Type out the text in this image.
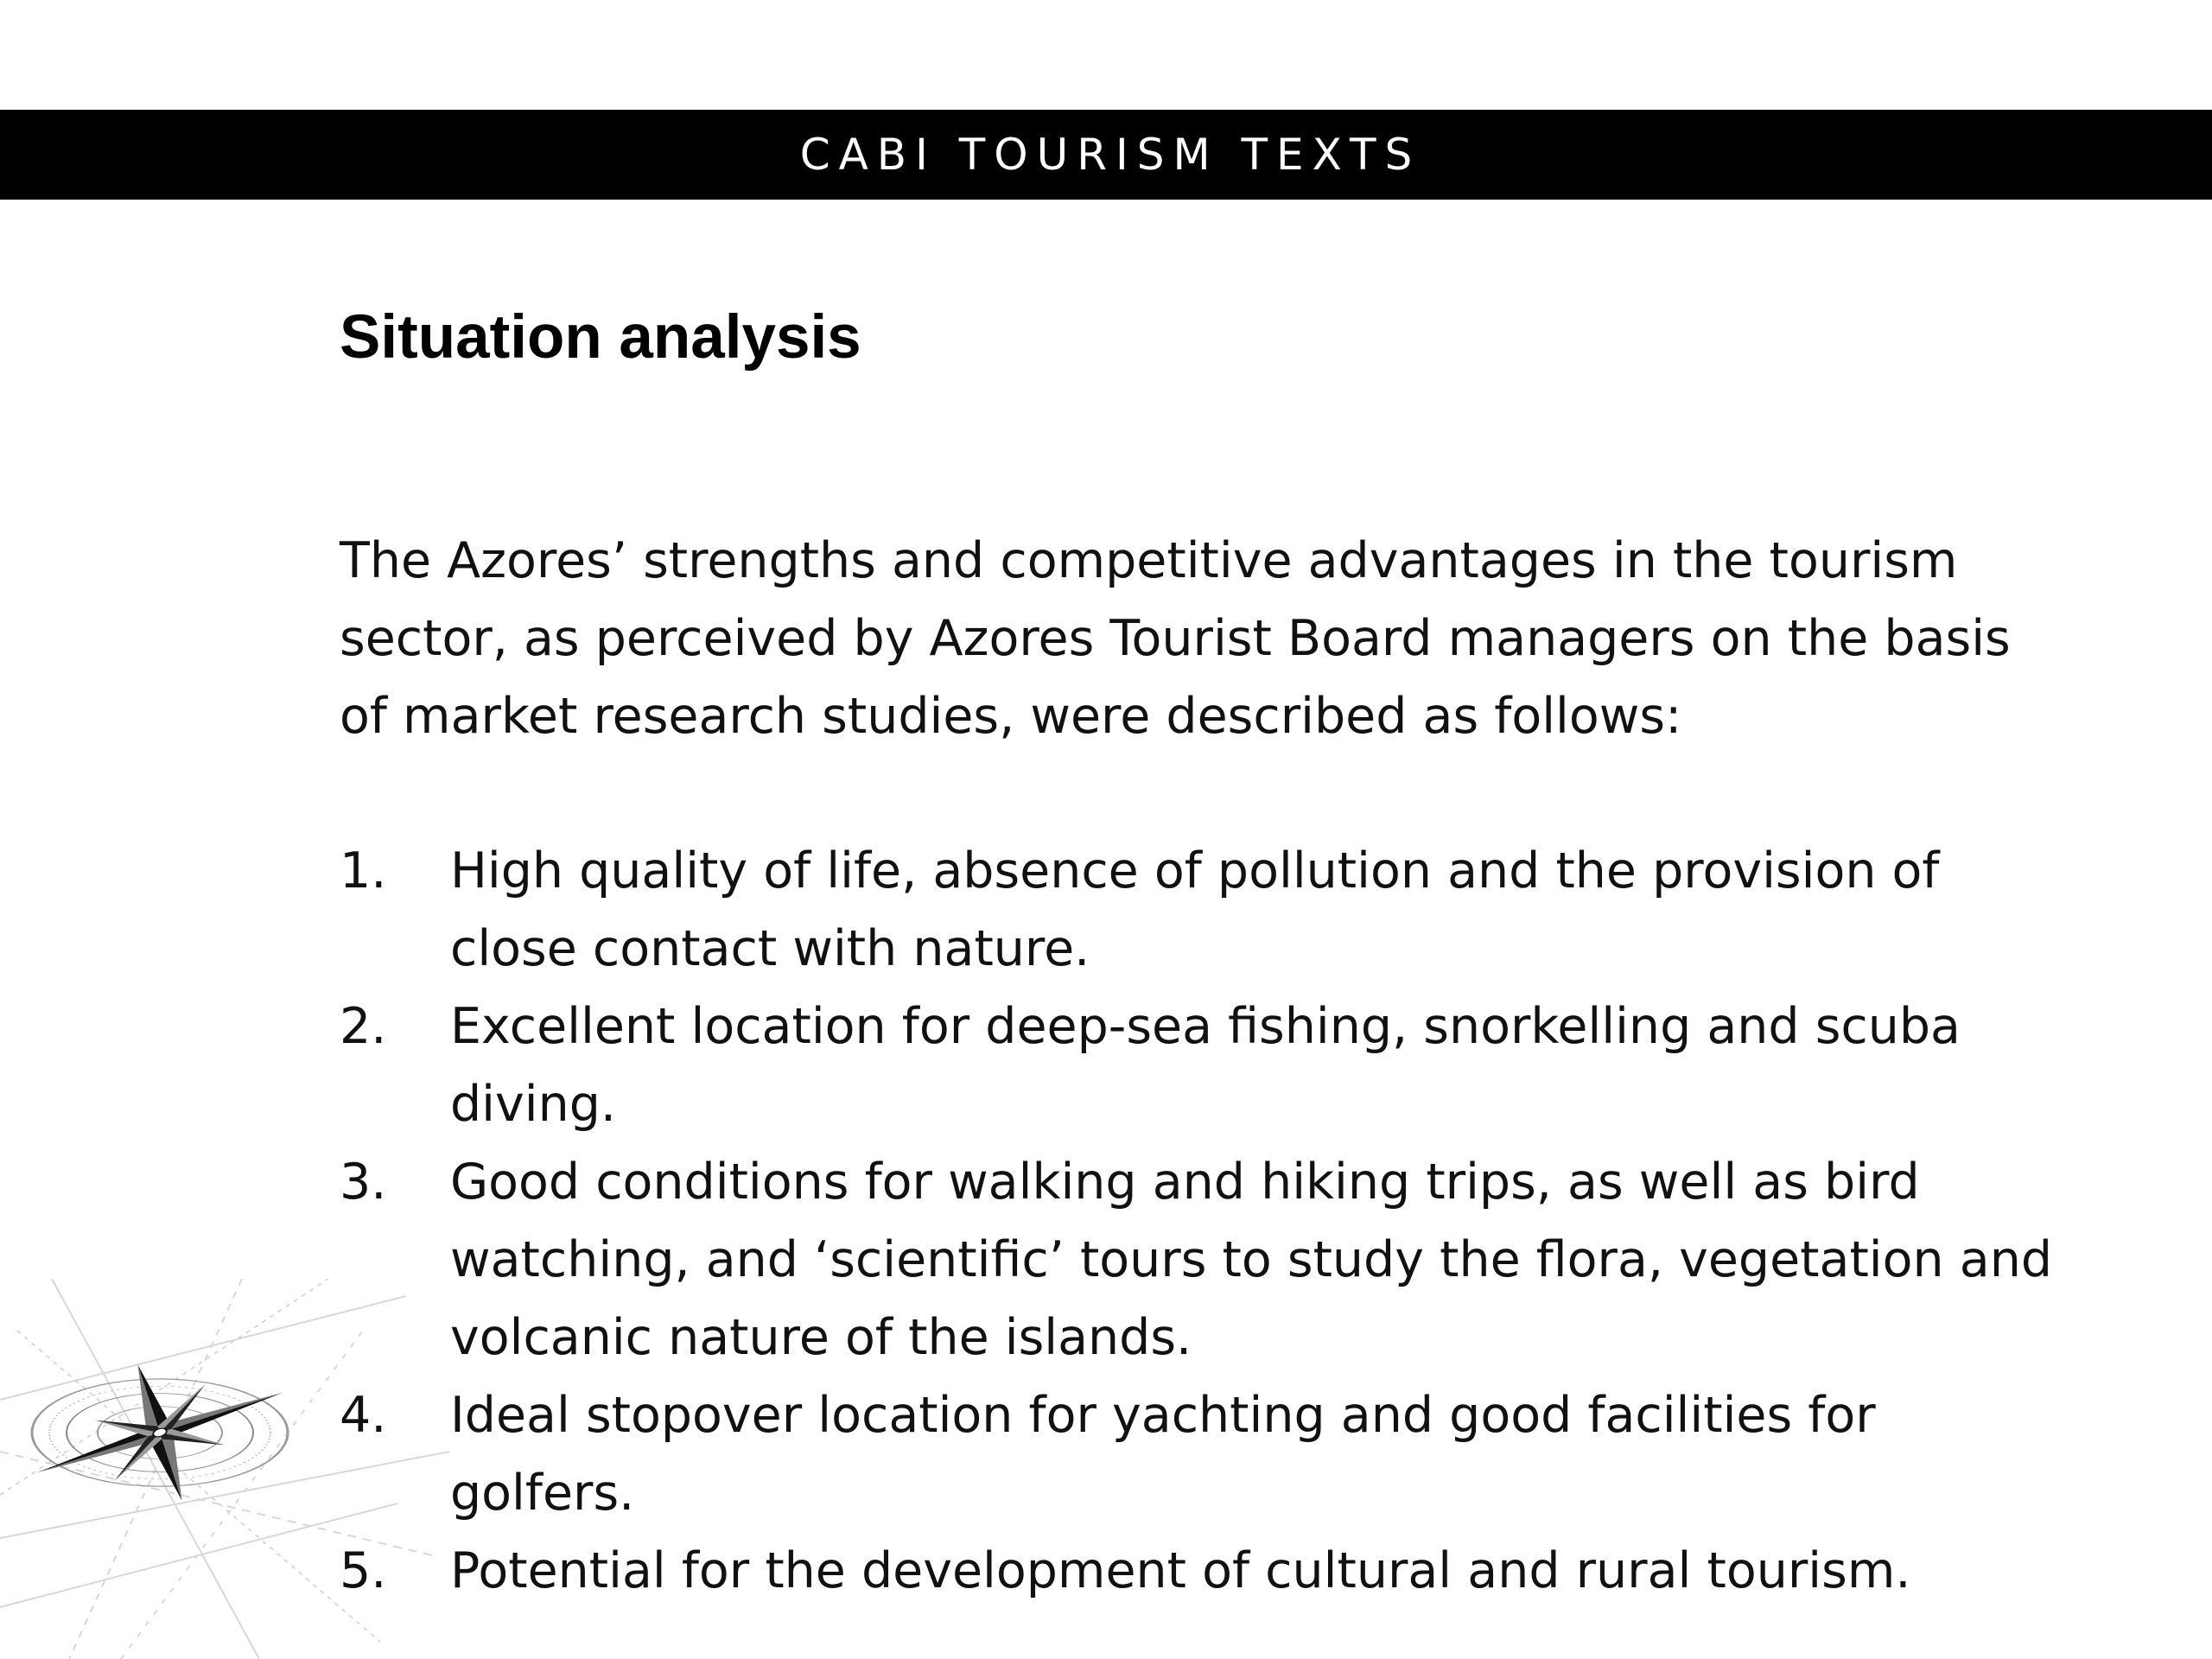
CABI TOURISM TEXTS
Situation analysis

The Azores’ strengths and competitive advantages in the tourism sector, as perceived by Azores Tourist Board managers on the basis of market research studies, were described as follows:

1.	High quality of life, absence of pollution and the provision of close contact with nature.
2.	Excellent location for deep-sea fishing, snorkelling and scuba diving.
3.	Good conditions for walking and hiking trips, as well as bird watching, and ‘scientific’ tours to study the flora, vegetation and volcanic nature of the islands.
4.	Ideal stopover location for yachting and good facilities for golfers.
5.	Potential for the development of cultural and rural tourism.
